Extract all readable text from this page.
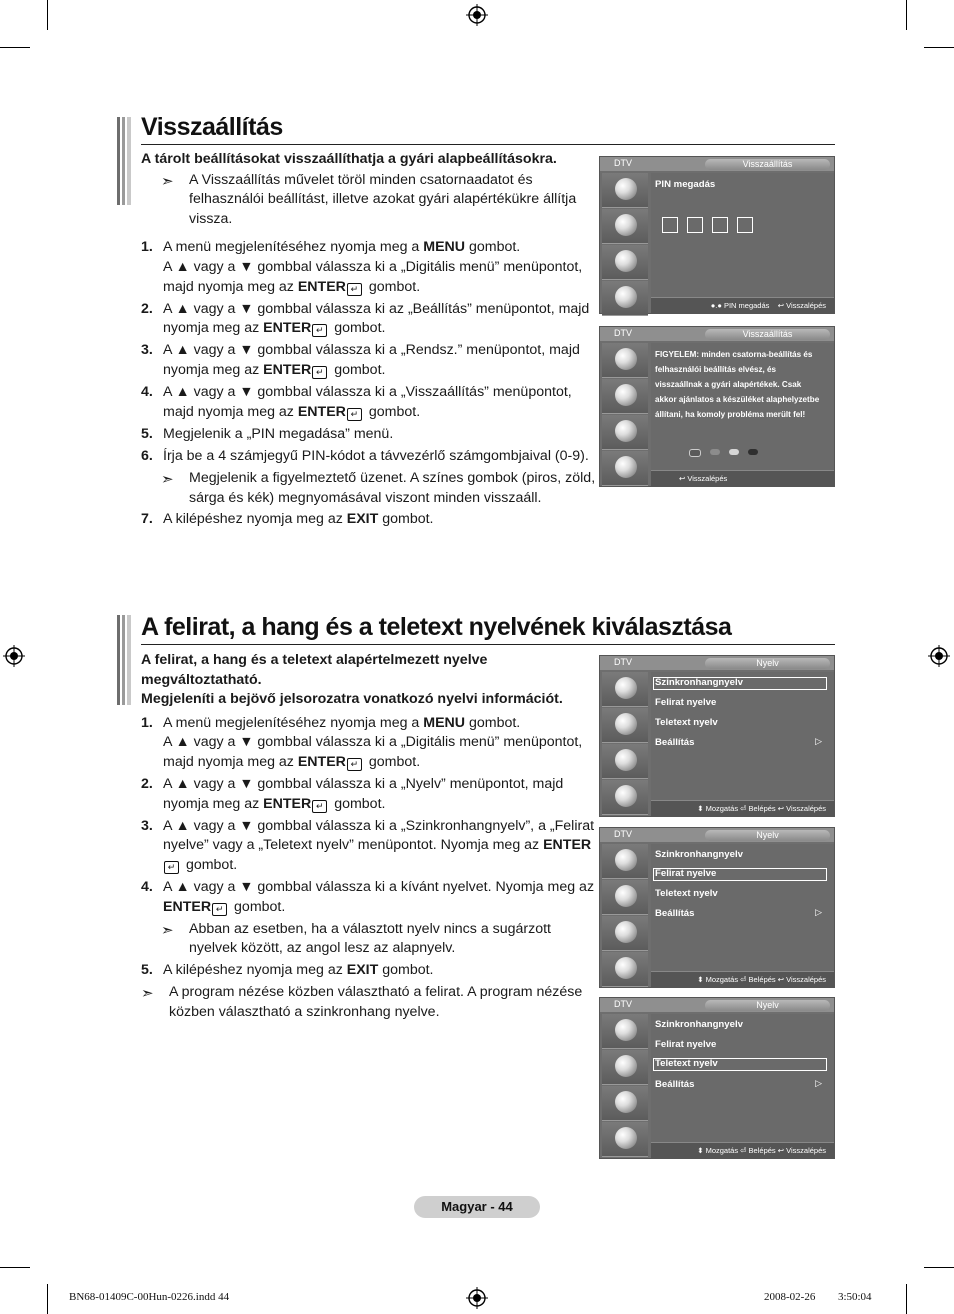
Visszaállítás

A tárolt beállításokat visszaállíthatja a gyári alapbeállításokra.

➣ A Visszaállítás művelet töröl minden csatornaadatot és felhasználói beállítást, illetve azokat gyári alapértékükre állítja vissza.

1. A menü megjelenítéséhez nyomja meg a MENU gombot.
A ▲ vagy a ▼ gombbal válassza ki a „Digitális menü” menüpontot, majd nyomja meg az ENTER ↵ gombot.

2. A ▲ vagy a ▼ gombbal válassza ki az „Beállítás” menüpontot, majd nyomja meg az ENTER ↵ gombot.

3. A ▲ vagy a ▼ gombbal válassza ki a „Rendsz.” menüpontot, majd nyomja meg az ENTER ↵ gombot.

4. A ▲ vagy a ▼ gombbal válassza ki a „Visszaállítás” menüpontot, majd nyomja meg az ENTER ↵ gombot.

5. Megjelenik a „PIN megadása” menü.

6. Írja be a 4 számjegyű PIN-kódot a távvezérlő számgombjaival (0-9).

➣ Megjelenik a figyelmeztető üzenet. A színes gombok (piros, zöld, sárga és kék) megnyomásával viszont minden visszaáll.

7. A kilépéshez nyomja meg az EXIT gombot.

DTV	Visszaállítás
PIN megadás
●.● PIN megadás ↩ Visszalépés
DTV	Visszaállítás
FIGYELEM: minden csatorna-beállítás és felhasználói beállítás elvész, és visszaállnak a gyári alapértékek. Csak akkor ajánlatos a készüléket alaphelyzetbe állítani, ha komoly probléma merült fel!
↩ Visszalépés
A felirat, a hang és a teletext nyelvének kiválasztása

A felirat, a hang és a teletext alapértelmezett nyelve megváltoztatható.

Megjeleníti a bejövő jelsorozatra vonatkozó nyelvi információt.

1. A menü megjelenítéséhez nyomja meg a MENU gombot.
A ▲ vagy a ▼ gombbal válassza ki a „Digitális menü” menüpontot, majd nyomja meg az ENTER ↵ gombot.

2. A ▲ vagy a ▼ gombbal válassza ki a „Nyelv” menüpontot, majd nyomja meg az ENTER ↵ gombot.

3. A ▲ vagy a ▼ gombbal válassza ki a „Szinkronhangnyelv”, a „Felirat nyelve” vagy a „Teletext nyelv” menüpontot. Nyomja meg az ENTER↵ gombot.

4. A ▲ vagy a ▼ gombbal válassza ki a kívánt nyelvet. Nyomja meg az ENTER ↵ gombot.

➣ Abban az esetben, ha a választott nyelv nincs a sugárzott nyelvek között, az angol lesz az alapnyelv.

5. A kilépéshez nyomja meg az EXIT gombot.

➣ A program nézése közben választható a felirat. A program nézése közben választható a szinkronhang nyelve.

DTV	Nyelv
Szinkronhangnyelv
Felirat nyelve
Teletext nyelv
Beállítás	▷
⬍ Mozgatás ⏎ Belépés ↩ Visszalépés
DTV	Nyelv
Szinkronhangnyelv
Felirat nyelve
Teletext nyelv
Beállítás	▷
⬍ Mozgatás ⏎ Belépés ↩ Visszalépés
DTV	Nyelv
Szinkronhangnyelv
Felirat nyelve
Teletext nyelv
Beállítás	▷
⬍ Mozgatás ⏎ Belépés ↩ Visszalépés
Magyar - 44
BN68-01409C-00Hun-0226.indd 44	2008-02-26 􀀀􀀀 3:50:04
